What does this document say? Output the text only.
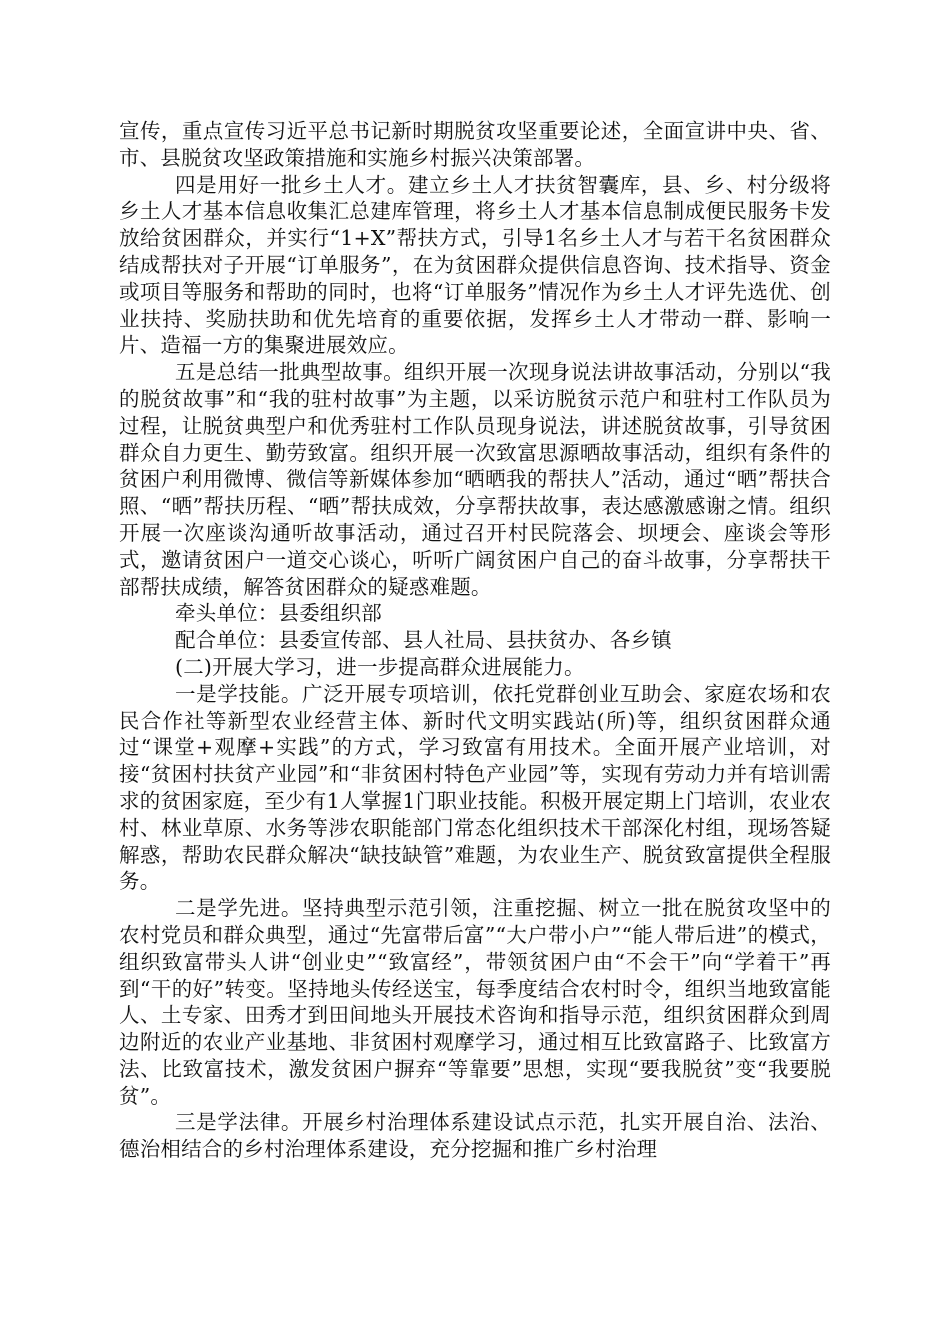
宣传，重点宣传习近平总书记新时期脱贫攻坚重要论述，全面宣讲中央、省、市、县脱贫攻坚政策措施和实施乡村振兴决策部署。

四是用好一批乡土人才。建立乡土人才扶贫智囊库，县、乡、村分级将乡土人才基本信息收集汇总建库管理，将乡土人才基本信息制成便民服务卡发放给贫困群众，并实行“1+X”帮扶方式，引导1名乡土人才与若干名贫困群众结成帮扶对子开展“订单服务”，在为贫困群众提供信息咨询、技术指导、资金或项目等服务和帮助的同时，也将“订单服务”情况作为乡土人才评先选优、创业扶持、奖励扶助和优先培育的重要依据，发挥乡土人才带动一群、影响一片、造福一方的集聚进展效应。

五是总结一批典型故事。组织开展一次现身说法讲故事活动，分别以“我的脱贫故事”和“我的驻村故事”为主题，以采访脱贫示范户和驻村工作队员为过程，让脱贫典型户和优秀驻村工作队员现身说法，讲述脱贫故事，引导贫困群众自力更生、勤劳致富。组织开展一次致富思源晒故事活动，组织有条件的贫困户利用微博、微信等新媒体参加“晒晒我的帮扶人”活动，通过“晒”帮扶合照、“晒”帮扶历程、“晒”帮扶成效，分享帮扶故事，表达感激感谢之情。组织开展一次座谈沟通听故事活动，通过召开村民院落会、坝埂会、座谈会等形式，邀请贫困户一道交心谈心，听听广阔贫困户自己的奋斗故事，分享帮扶干部帮扶成绩，解答贫困群众的疑惑难题。

牵头单位：县委组织部

配合单位：县委宣传部、县人社局、县扶贫办、各乡镇

(二)开展大学习，进一步提高群众进展能力。

一是学技能。广泛开展专项培训，依托党群创业互助会、家庭农场和农民合作社等新型农业经营主体、新时代文明实践站(所)等，组织贫困群众通过“课堂+观摩+实践”的方式，学习致富有用技术。全面开展产业培训，对接“贫困村扶贫产业园”和“非贫困村特色产业园”等，实现有劳动力并有培训需求的贫困家庭，至少有1人掌握1门职业技能。积极开展定期上门培训，农业农村、林业草原、水务等涉农职能部门常态化组织技术干部深化村组，现场答疑解惑，帮助农民群众解决“缺技缺管”难题，为农业生产、脱贫致富提供全程服务。

二是学先进。坚持典型示范引领，注重挖掘、树立一批在脱贫攻坚中的农村党员和群众典型，通过“先富带后富”“大户带小户”“能人带后进”的模式，组织致富带头人讲“创业史”“致富经”，带领贫困户由“不会干”向“学着干”再到“干的好”转变。坚持地头传经送宝，每季度结合农村时令，组织当地致富能人、土专家、田秀才到田间地头开展技术咨询和指导示范，组织贫困群众到周边附近的农业产业基地、非贫困村观摩学习，通过相互比致富路子、比致富方法、比致富技术，激发贫困户摒弃“等靠要”思想，实现“要我脱贫”变“我要脱贫”。

三是学法律。开展乡村治理体系建设试点示范，扎实开展自治、法治、德治相结合的乡村治理体系建设，充分挖掘和推广乡村治理
